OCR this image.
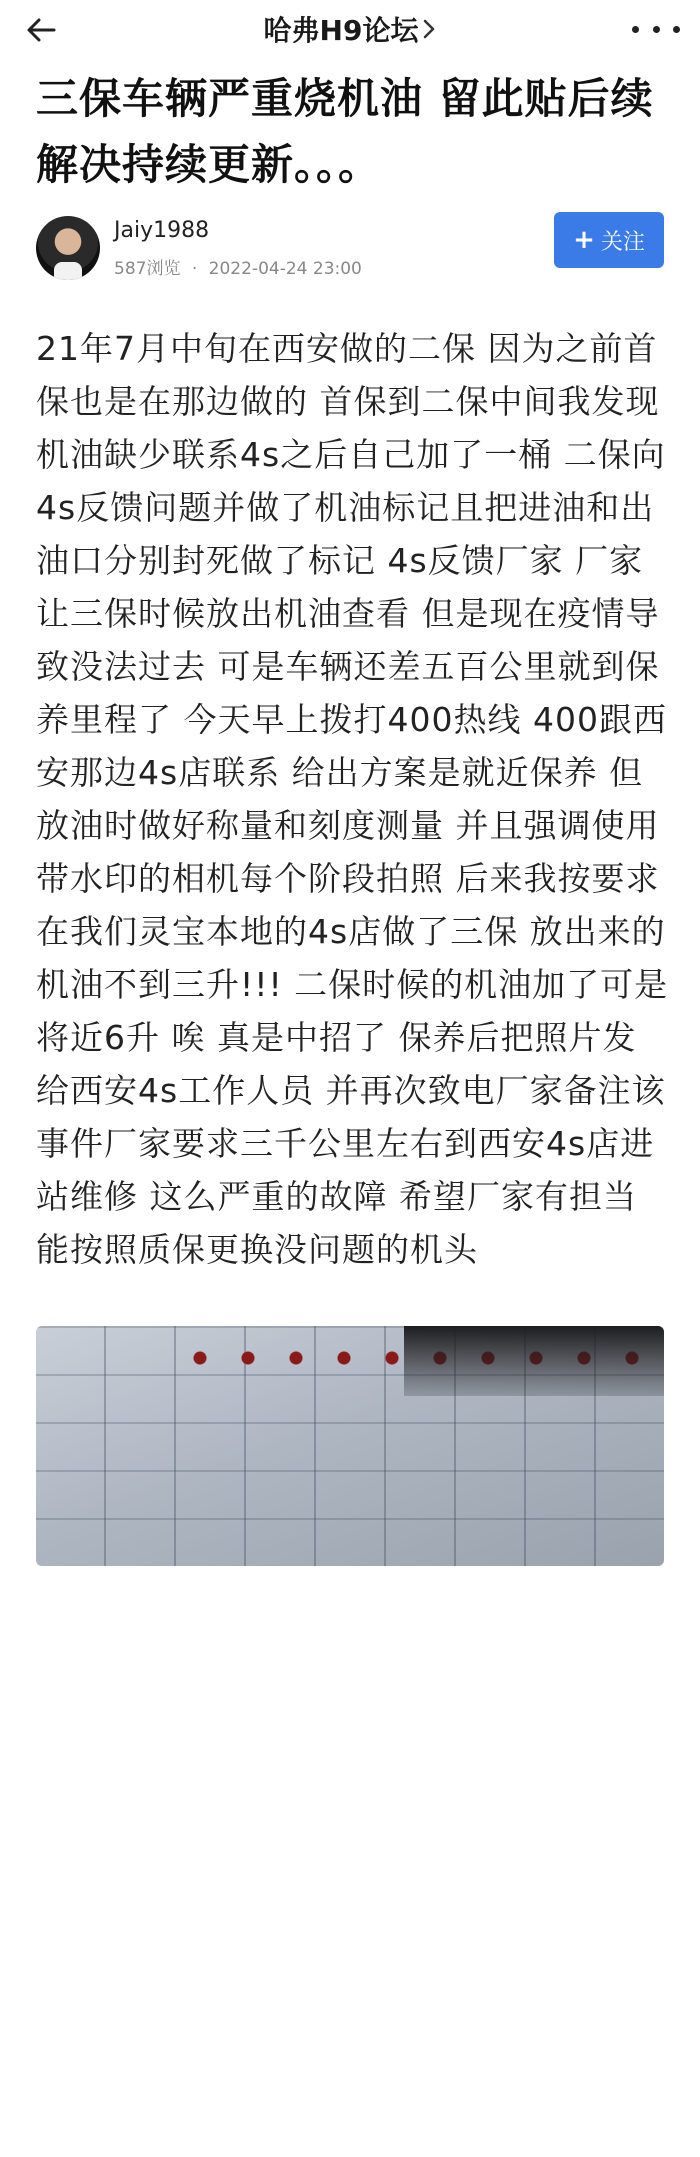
哈弗H9论坛
三保车辆严重烧机油 留此贴后续解决持续更新。。。
Jaiy1988
587浏览 · 2022-04-24 23:00
+ 关注

21年7月中旬在西安做的二保 因为之前首保也是在那边做的 首保到二保中间我发现机油缺少联系4s之后自己加了一桶 二保向4s反馈问题并做了机油标记且把进油和出油口分别封死做了标记 4s反馈厂家 厂家让三保时候放出机油查看 但是现在疫情导致没法过去 可是车辆还差五百公里就到保养里程了 今天早上拨打400热线 400跟西安那边4s店联系 给出方案是就近保养 但放油时做好称量和刻度测量 并且强调使用带水印的相机每个阶段拍照 后来我按要求在我们灵宝本地的4s店做了三保 放出来的机油不到三升!!! 二保时候的机油加了可是将近6升 唉 真是中招了 保养后把照片发给西安4s工作人员 并再次致电厂家备注该事件厂家要求三千公里左右到西安4s店进站维修 这么严重的故障 希望厂家有担当 能按照质保更换没问题的机头
